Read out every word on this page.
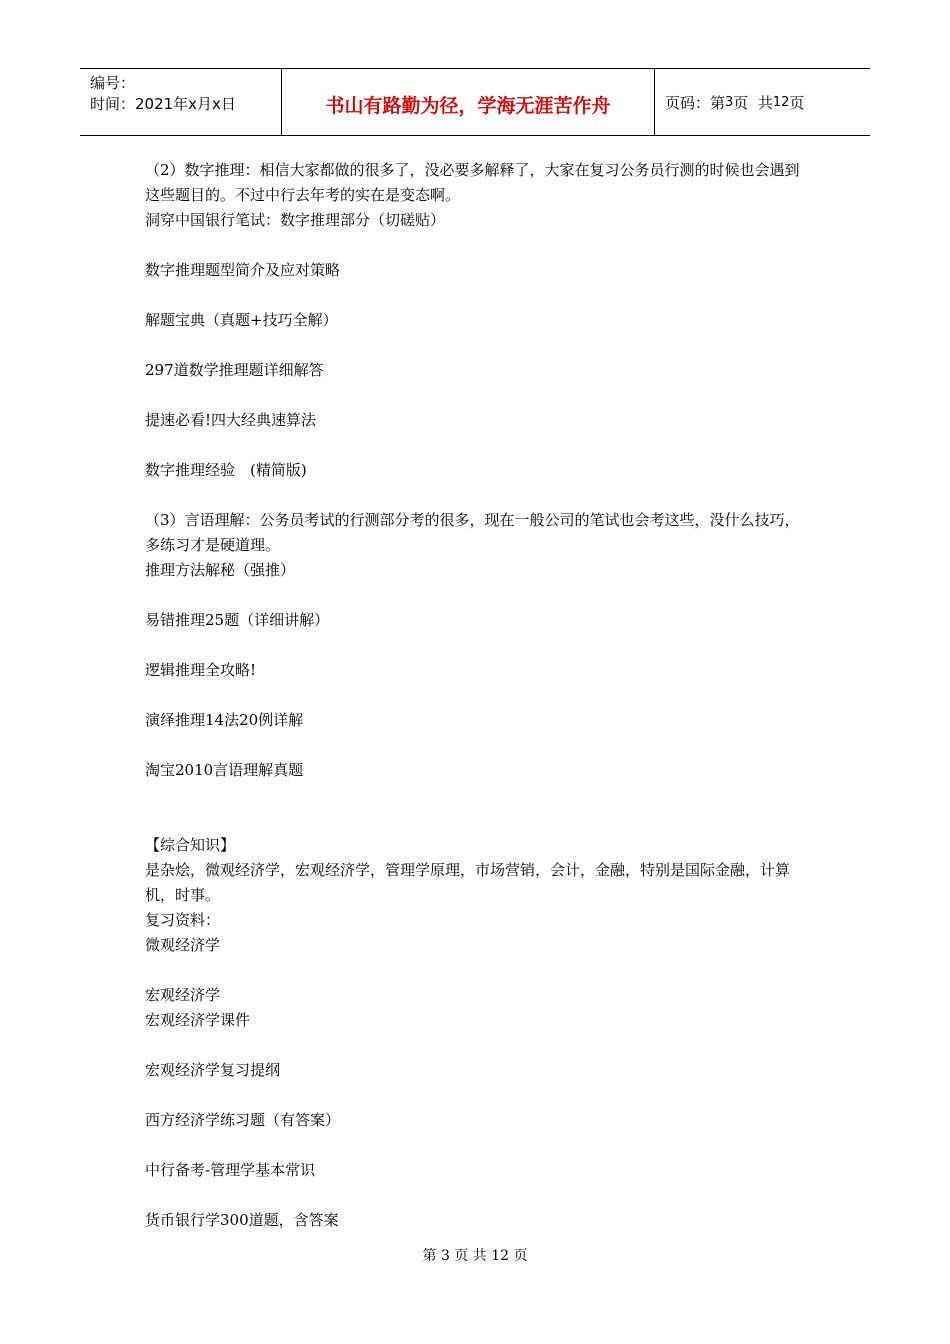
编号：
时间：2021年x月x日	书山有路勤为径，学海无涯苦作舟	页码：第 3 页  共 12 页

（2）数字推理：相信大家都做的很多了，没必要多解释了，大家在复习公务员行测的时候也会遇到这些题目的。不过中行去年考的实在是变态啊。

洞穿中国银行笔试：数字推理部分（切磋贴）

数字推理题型简介及应对策略

解题宝典（真题+技巧全解）

297道数学推理题详细解答

提速必看!四大经典速算法

数字推理经验　(精简版)

（3）言语理解：公务员考试的行测部分考的很多，现在一般公司的笔试也会考这些，没什么技巧，多练习才是硬道理。

推理方法解秘（强推）

易错推理25题（详细讲解）

逻辑推理全攻略!

演绎推理14法20例详解

淘宝2010言语理解真题

【综合知识】

是杂烩，微观经济学，宏观经济学，管理学原理，市场营销，会计，金融，特别是国际金融，计算机，时事。

复习资料：

微观经济学

宏观经济学

宏观经济学课件

宏观经济学复习提纲

西方经济学练习题（有答案）

中行备考-管理学基本常识

货币银行学300道题，含答案

第 3 页 共 12 页
